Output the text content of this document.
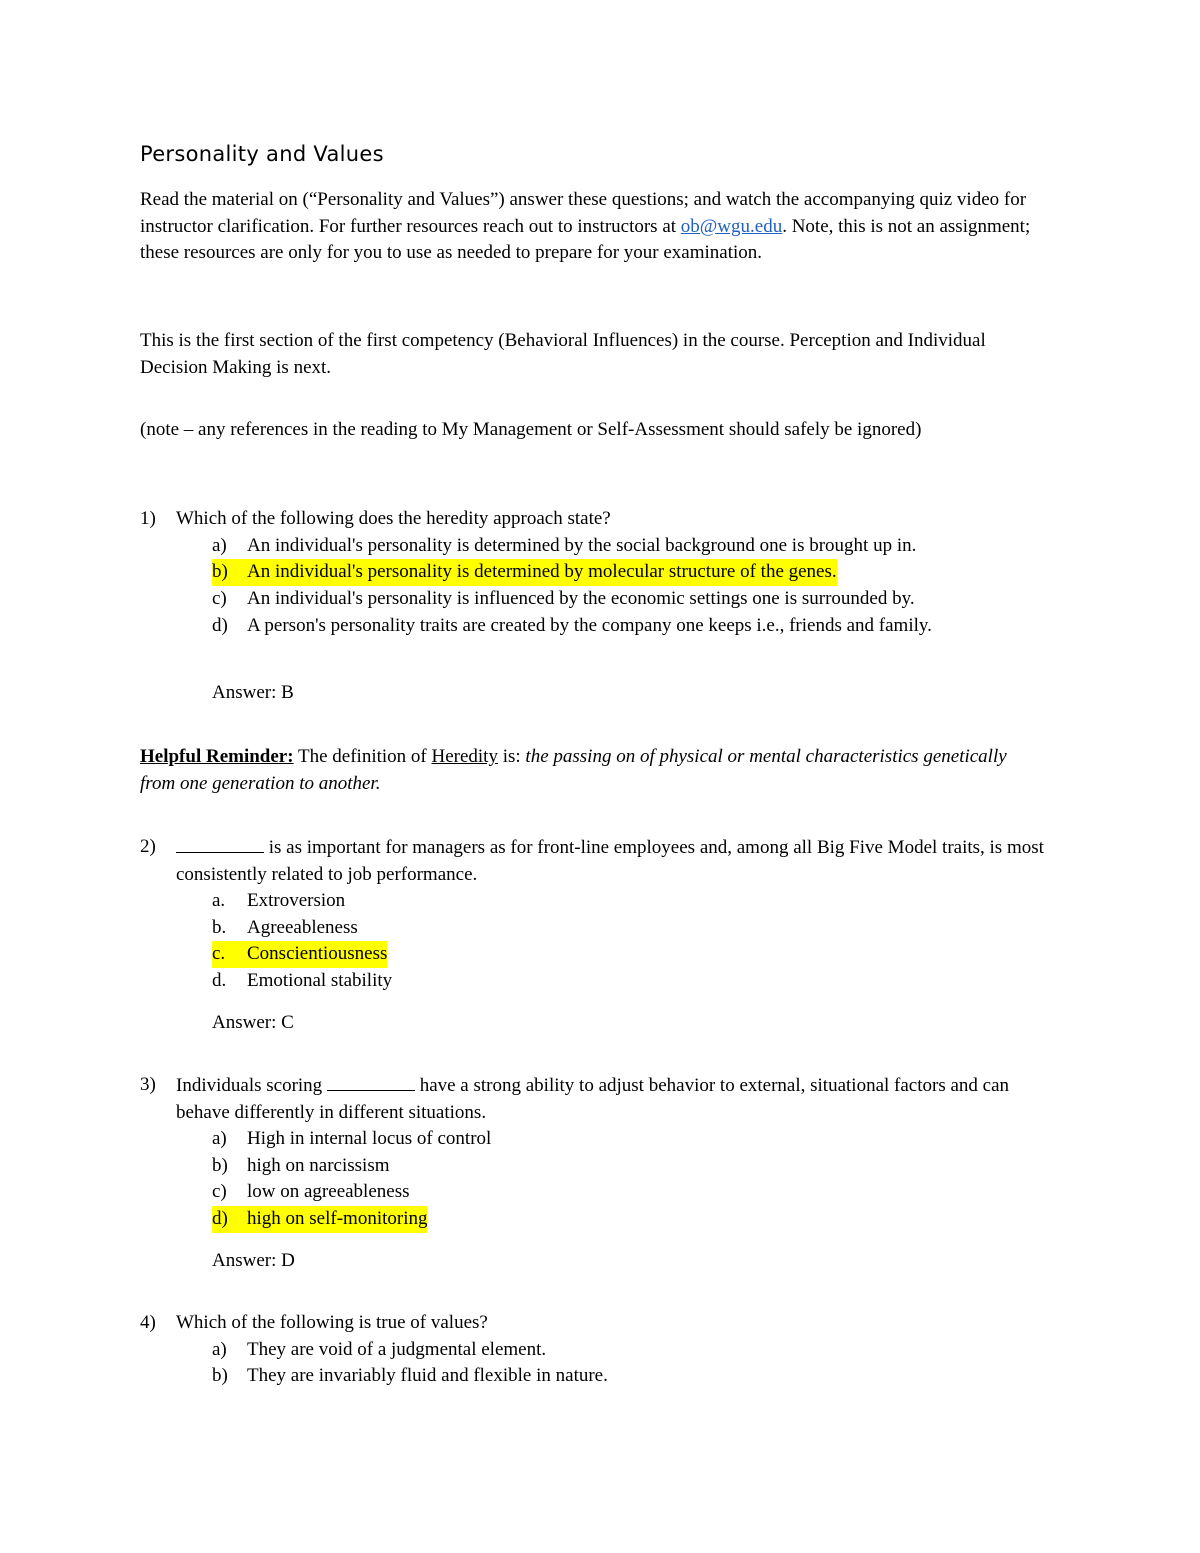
Personality and Values
Read the material on (“Personality and Values”) answer these questions; and watch the accompanying quiz video for instructor clarification. For further resources reach out to instructors at ob@wgu.edu. Note, this is not an assignment; these resources are only for you to use as needed to prepare for your examination.
This is the first section of the first competency (Behavioral Influences) in the course. Perception and Individual Decision Making is next.
(note – any references in the reading to My Management or Self-Assessment should safely be ignored)
1) Which of the following does the heredity approach state?
a) An individual's personality is determined by the social background one is brought up in.
b)	An individual's personality is determined by molecular structure of the genes.
c) An individual's personality is influenced by the economic settings one is surrounded by.
d) A person's personality traits are created by the company one keeps i.e., friends and family.
Answer: B
Helpful Reminder: The definition of Heredity is: the passing on of physical or mental characteristics genetically from one generation to another.
2)	is as important for managers as for front-line employees and, among all Big Five Model traits, is most consistently related to job performance.
a. Extroversion
b. Agreeableness
c.	Conscientiousness
d. Emotional stability
Answer: C
3) Individuals scoring	have a strong ability to adjust behavior to external, situational factors and can behave differently in different situations.
a) High in internal locus of control
b) high on narcissism
c) low on agreeableness
d)	high on self-monitoring
Answer: D
4) Which of the following is true of values?
a) They are void of a judgmental element.
b) They are invariably fluid and flexible in nature.
